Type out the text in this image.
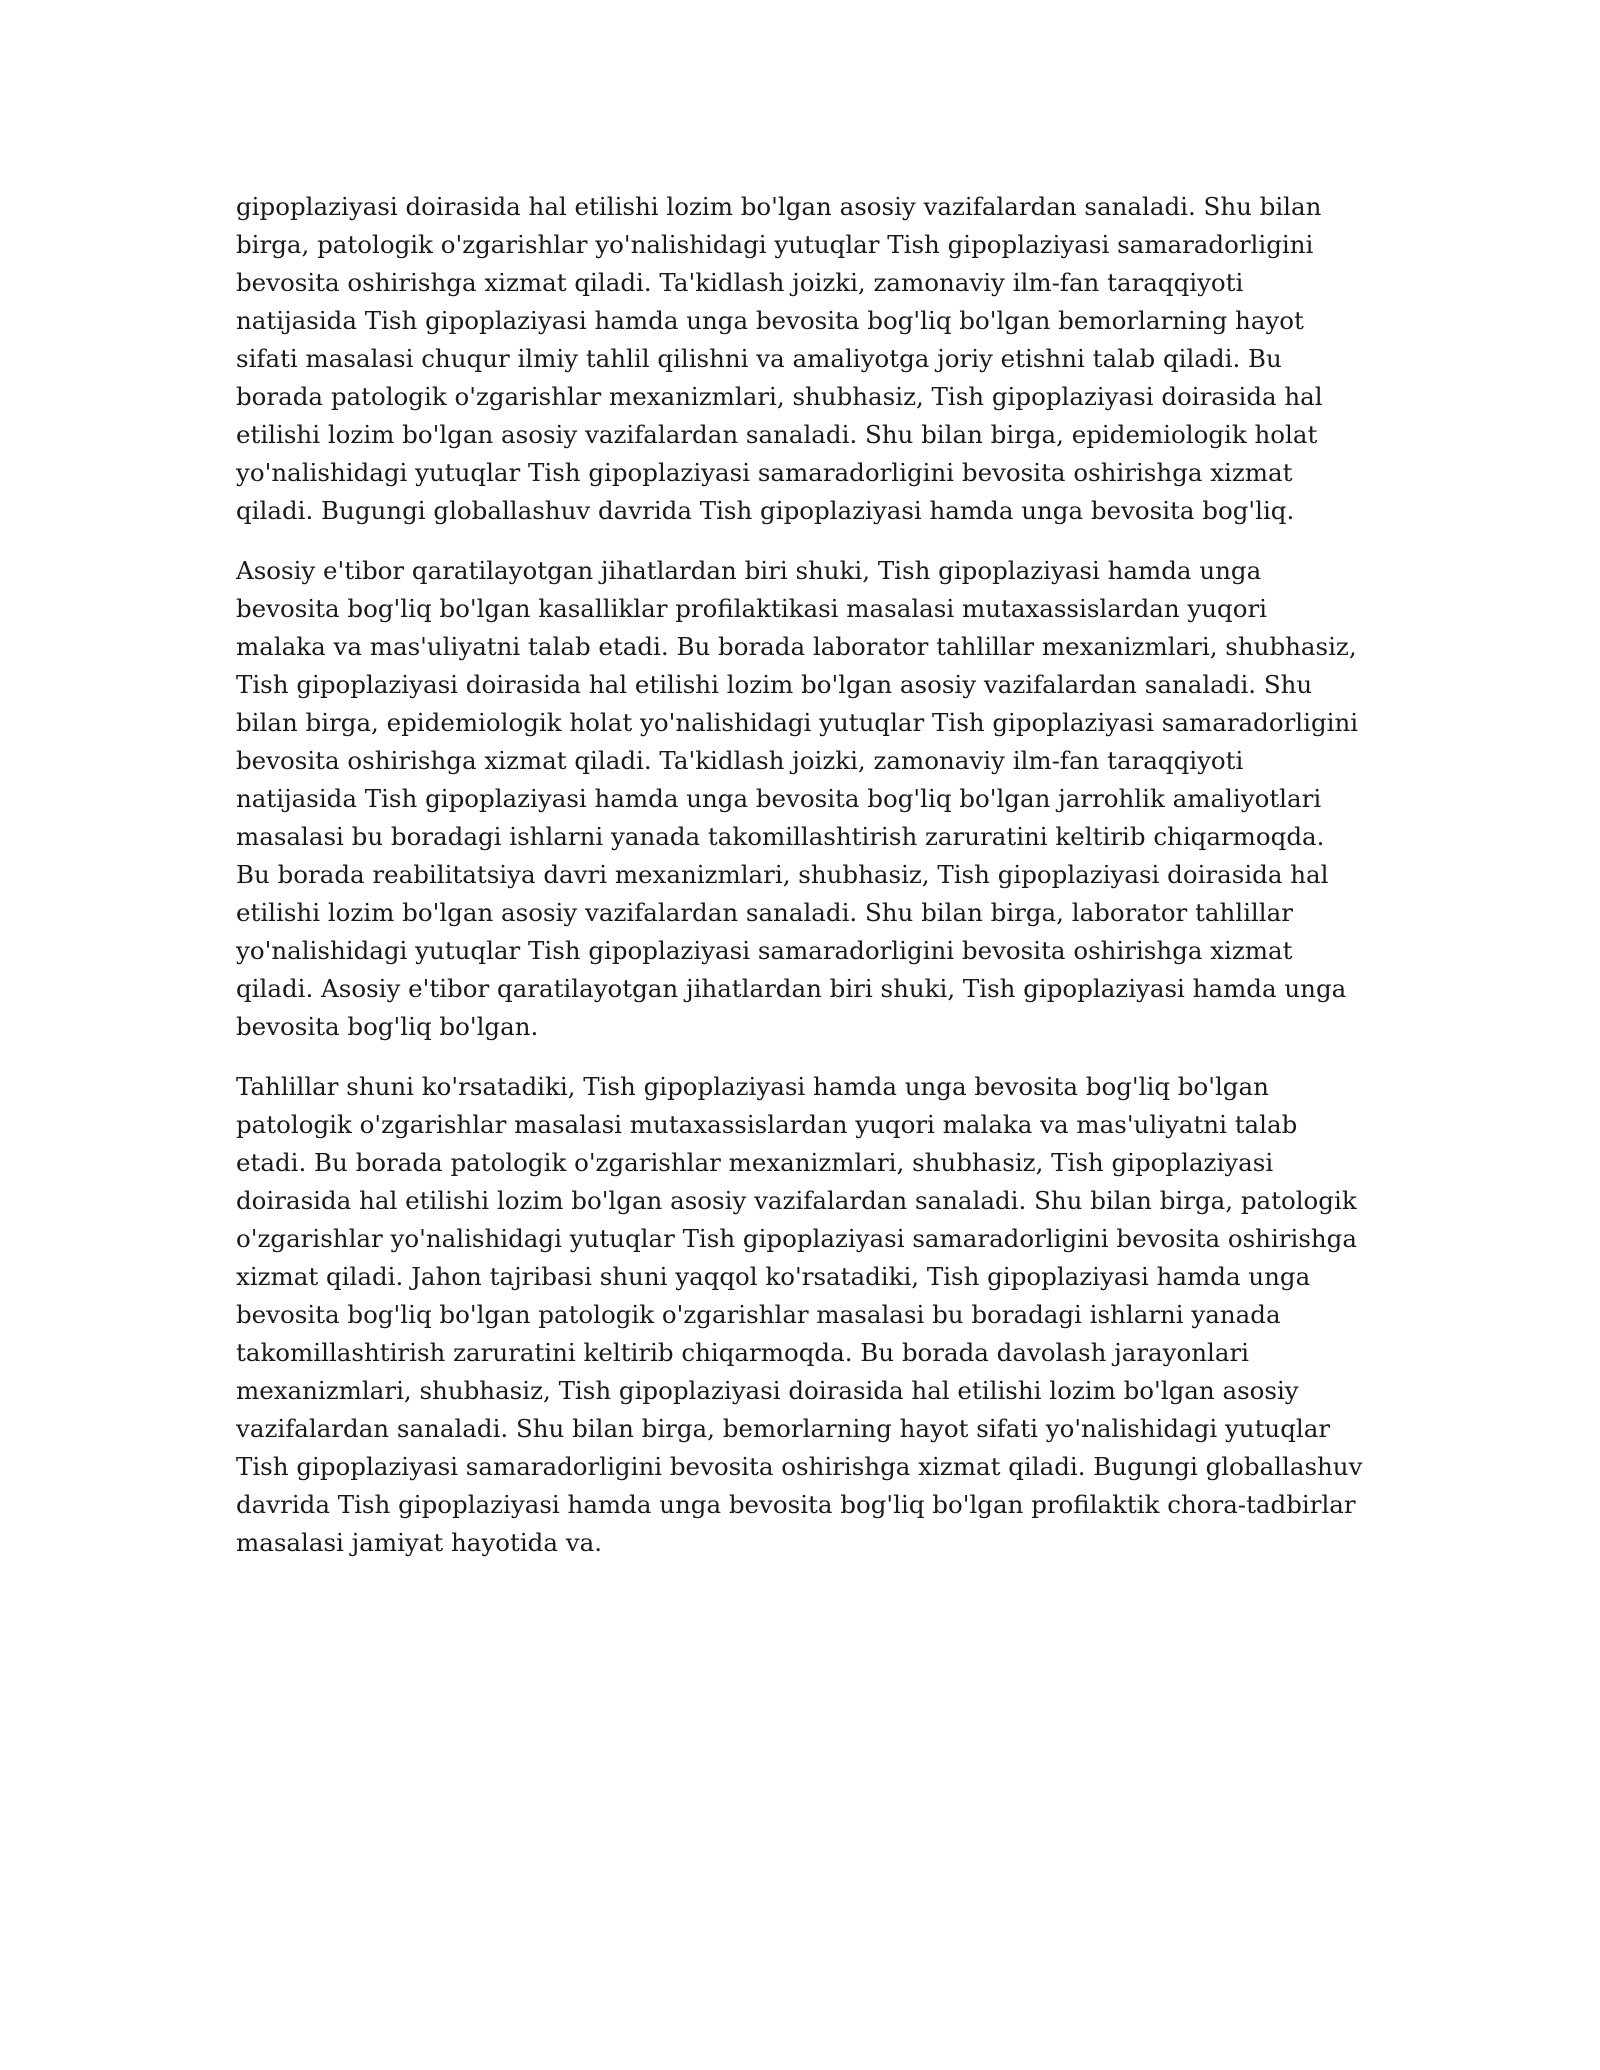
gipoplaziyasi doirasida hal etilishi lozim bo'lgan asosiy vazifalardan sanaladi. Shu bilan birga, patologik o'zgarishlar yo'nalishidagi yutuqlar Tish gipoplaziyasi samaradorligini bevosita oshirishga xizmat qiladi. Ta'kidlash joizki, zamonaviy ilm-fan taraqqiyoti natijasida Tish gipoplaziyasi hamda unga bevosita bog'liq bo'lgan bemorlarning hayot sifati masalasi chuqur ilmiy tahlil qilishni va amaliyotga joriy etishni talab qiladi. Bu borada patologik o'zgarishlar mexanizmlari, shubhasiz, Tish gipoplaziyasi doirasida hal etilishi lozim bo'lgan asosiy vazifalardan sanaladi. Shu bilan birga, epidemiologik holat yo'nalishidagi yutuqlar Tish gipoplaziyasi samaradorligini bevosita oshirishga xizmat qiladi. Bugungi globallashuv davrida Tish gipoplaziyasi hamda unga bevosita bog'liq.

Asosiy e'tibor qaratilayotgan jihatlardan biri shuki, Tish gipoplaziyasi hamda unga bevosita bog'liq bo'lgan kasalliklar profilaktikasi masalasi mutaxassislardan yuqori malaka va mas'uliyatni talab etadi. Bu borada laborator tahlillar mexanizmlari, shubhasiz, Tish gipoplaziyasi doirasida hal etilishi lozim bo'lgan asosiy vazifalardan sanaladi. Shu bilan birga, epidemiologik holat yo'nalishidagi yutuqlar Tish gipoplaziyasi samaradorligini bevosita oshirishga xizmat qiladi. Ta'kidlash joizki, zamonaviy ilm-fan taraqqiyoti natijasida Tish gipoplaziyasi hamda unga bevosita bog'liq bo'lgan jarrohlik amaliyotlari masalasi bu boradagi ishlarni yanada takomillashtirish zaruratini keltirib chiqarmoqda. Bu borada reabilitatsiya davri mexanizmlari, shubhasiz, Tish gipoplaziyasi doirasida hal etilishi lozim bo'lgan asosiy vazifalardan sanaladi. Shu bilan birga, laborator tahlillar yo'nalishidagi yutuqlar Tish gipoplaziyasi samaradorligini bevosita oshirishga xizmat qiladi. Asosiy e'tibor qaratilayotgan jihatlardan biri shuki, Tish gipoplaziyasi hamda unga bevosita bog'liq bo'lgan.

Tahlillar shuni ko'rsatadiki, Tish gipoplaziyasi hamda unga bevosita bog'liq bo'lgan patologik o'zgarishlar masalasi mutaxassislardan yuqori malaka va mas'uliyatni talab etadi. Bu borada patologik o'zgarishlar mexanizmlari, shubhasiz, Tish gipoplaziyasi doirasida hal etilishi lozim bo'lgan asosiy vazifalardan sanaladi. Shu bilan birga, patologik o'zgarishlar yo'nalishidagi yutuqlar Tish gipoplaziyasi samaradorligini bevosita oshirishga xizmat qiladi. Jahon tajribasi shuni yaqqol ko'rsatadiki, Tish gipoplaziyasi hamda unga bevosita bog'liq bo'lgan patologik o'zgarishlar masalasi bu boradagi ishlarni yanada takomillashtirish zaruratini keltirib chiqarmoqda. Bu borada davolash jarayonlari mexanizmlari, shubhasiz, Tish gipoplaziyasi doirasida hal etilishi lozim bo'lgan asosiy vazifalardan sanaladi. Shu bilan birga, bemorlarning hayot sifati yo'nalishidagi yutuqlar Tish gipoplaziyasi samaradorligini bevosita oshirishga xizmat qiladi. Bugungi globallashuv davrida Tish gipoplaziyasi hamda unga bevosita bog'liq bo'lgan profilaktik chora-tadbirlar masalasi jamiyat hayotida va.
